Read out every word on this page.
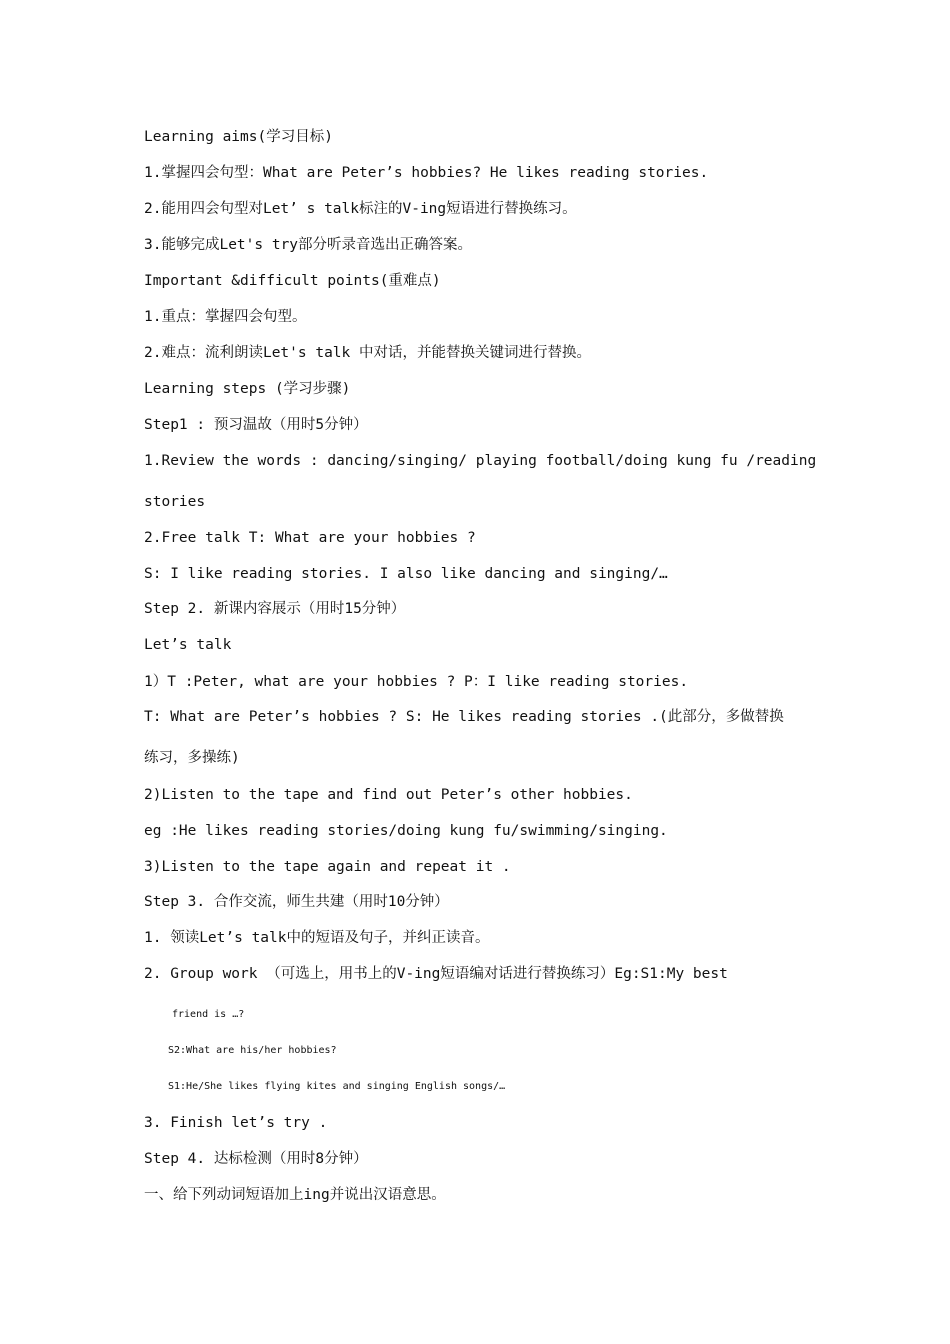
Learning aims(学习目标)
1.掌握四会句型：What are Peter’s hobbies? He likes reading stories.
2.能用四会句型对Let’ s talk标注的V-ing短语进行替换练习。
3.能够完成Let's try部分听录音选出正确答案。
Important &difficult points(重难点)
1.重点：掌握四会句型。
2.难点：流利朗读Let's talk 中对话，并能替换关键词进行替换。
Learning steps (学习步骤)
Step1 : 预习温故（用时5分钟）
1.Review the words : dancing/singing/ playing football/doing kung fu /reading
stories
2.Free talk T: What are your hobbies ?
S: I like reading stories. I also like dancing and singing/…
Step 2. 新课内容展示（用时15分钟）
Let’s talk
1）T :Peter, what are your hobbies ? P：I like reading stories.
T: What are Peter’s hobbies ? S: He likes reading stories .(此部分，多做替换
练习，多操练)
2)Listen to the tape and find out Peter’s other hobbies.
eg :He likes reading stories/doing kung fu/swimming/singing.
3)Listen to the tape again and repeat it .
Step 3. 合作交流，师生共建（用时10分钟）
1. 领读Let’s talk中的短语及句子，并纠正读音。
2. Group work （可选上，用书上的V-ing短语编对话进行替换练习）Eg:S1:My best
friend is …?
S2:What are his/her hobbies?
S1:He/She likes flying kites and singing English songs/…
3. Finish let’s try .
Step 4. 达标检测（用时8分钟）
一、给下列动词短语加上ing并说出汉语意思。
